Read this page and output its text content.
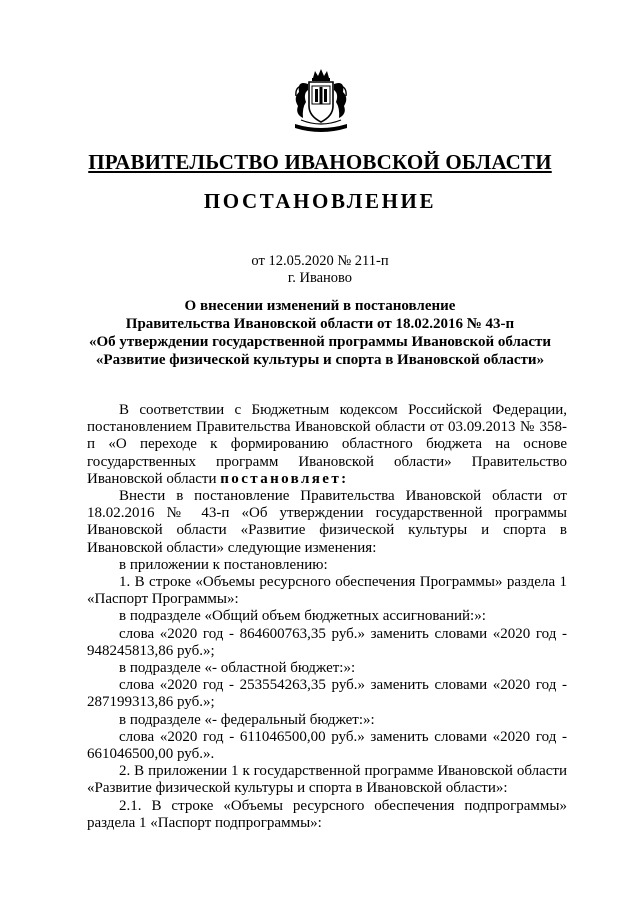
ПРАВИТЕЛЬСТВО ИВАНОВСКОЙ ОБЛАСТИ
ПОСТАНОВЛЕНИЕ
от 12.05.2020 № 211-п
г. Иваново
О внесении изменений в постановление
Правительства Ивановской области от 18.02.2016 № 43-п
«Об утверждении государственной программы Ивановской области
«Развитие физической культуры и спорта в Ивановской области»

В соответствии с Бюджетным кодексом Российской Федерации, постановлением Правительства Ивановской области от 03.09.2013 № 358-п «О переходе к формированию областного бюджета на основе государственных программ Ивановской области» Правительство Ивановской области постановляет:

Внести в постановление Правительства Ивановской области от 18.02.2016 № 43-п «Об утверждении государственной программы Ивановской области «Развитие физической культуры и спорта в Ивановской области» следующие изменения:

в приложении к постановлению:

1. В строке «Объемы ресурсного обеспечения Программы» раздела 1 «Паспорт Программы»:

в подразделе «Общий объем бюджетных ассигнований:»:

слова «2020 год - 864600763,35 руб.» заменить словами «2020 год - 948245813,86 руб.»;

в подразделе «- областной бюджет:»:

слова «2020 год - 253554263,35 руб.» заменить словами «2020 год - 287199313,86 руб.»;

в подразделе «- федеральный бюджет:»:

слова «2020 год - 611046500,00 руб.» заменить словами «2020 год - 661046500,00 руб.».

2. В приложении 1 к государственной программе Ивановской области «Развитие физической культуры и спорта в Ивановской области»:

2.1. В строке «Объемы ресурсного обеспечения подпрограммы» раздела 1 «Паспорт подпрограммы»:
